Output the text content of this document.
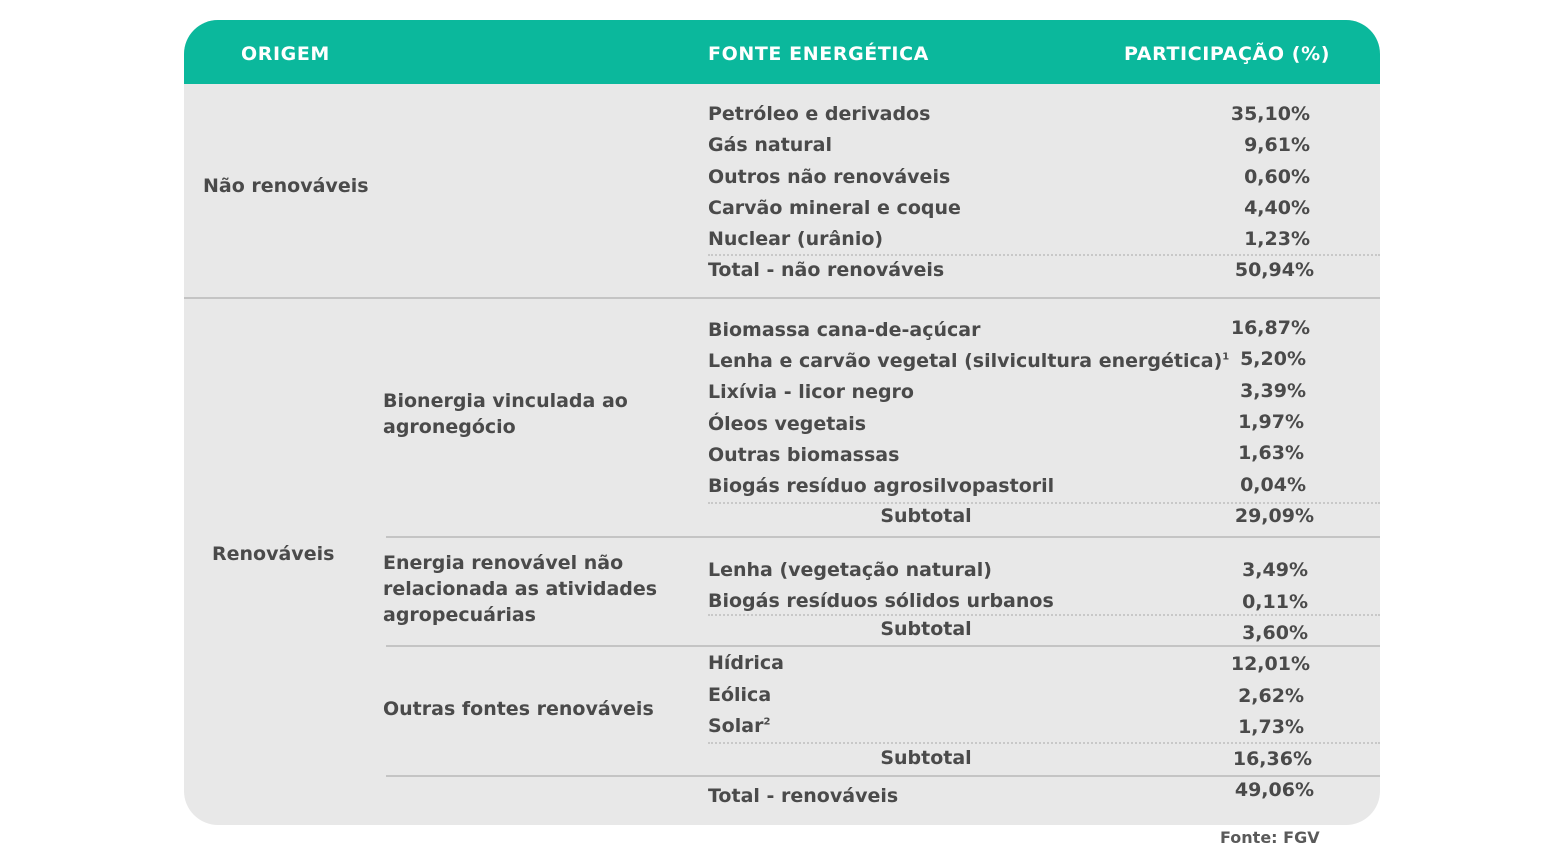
ORIGEM	FONTE ENERGÉTICA	PARTICIPAÇÃO (%)
Não renováveis
Petróleo e derivados	35,10%
Gás natural	9,61%
Outros não renováveis	0,60%
Carvão mineral e coque	4,40%
Nuclear (urânio)	1,23%
Total - não renováveis	50,94%
Renováveis
Bionergia vinculada ao agronegócio
Biomassa cana-de-açúcar	16,87%
Lenha e carvão vegetal (silvicultura energética)$^1$ 5,20%
Lixívia - licor negro	3,39%
Óleos vegetais	1,97%
Outras biomassas	1,63%
Biogás resíduo agrosilvopastoril	0,04%
Subtotal	29,09%
Energia renovável não relacionada as atividades agropecuárias
Lenha (vegetação natural)	3,49%
Biogás resíduos sólidos urbanos	0,11%
Subtotal	3,60%
Outras fontes renováveis
Hídrica	12,01%
Eólica	2,62%
Solar$^2$	1,73%
Subtotal	16,36%
Total - renováveis	49,06%
Fonte: FGV
